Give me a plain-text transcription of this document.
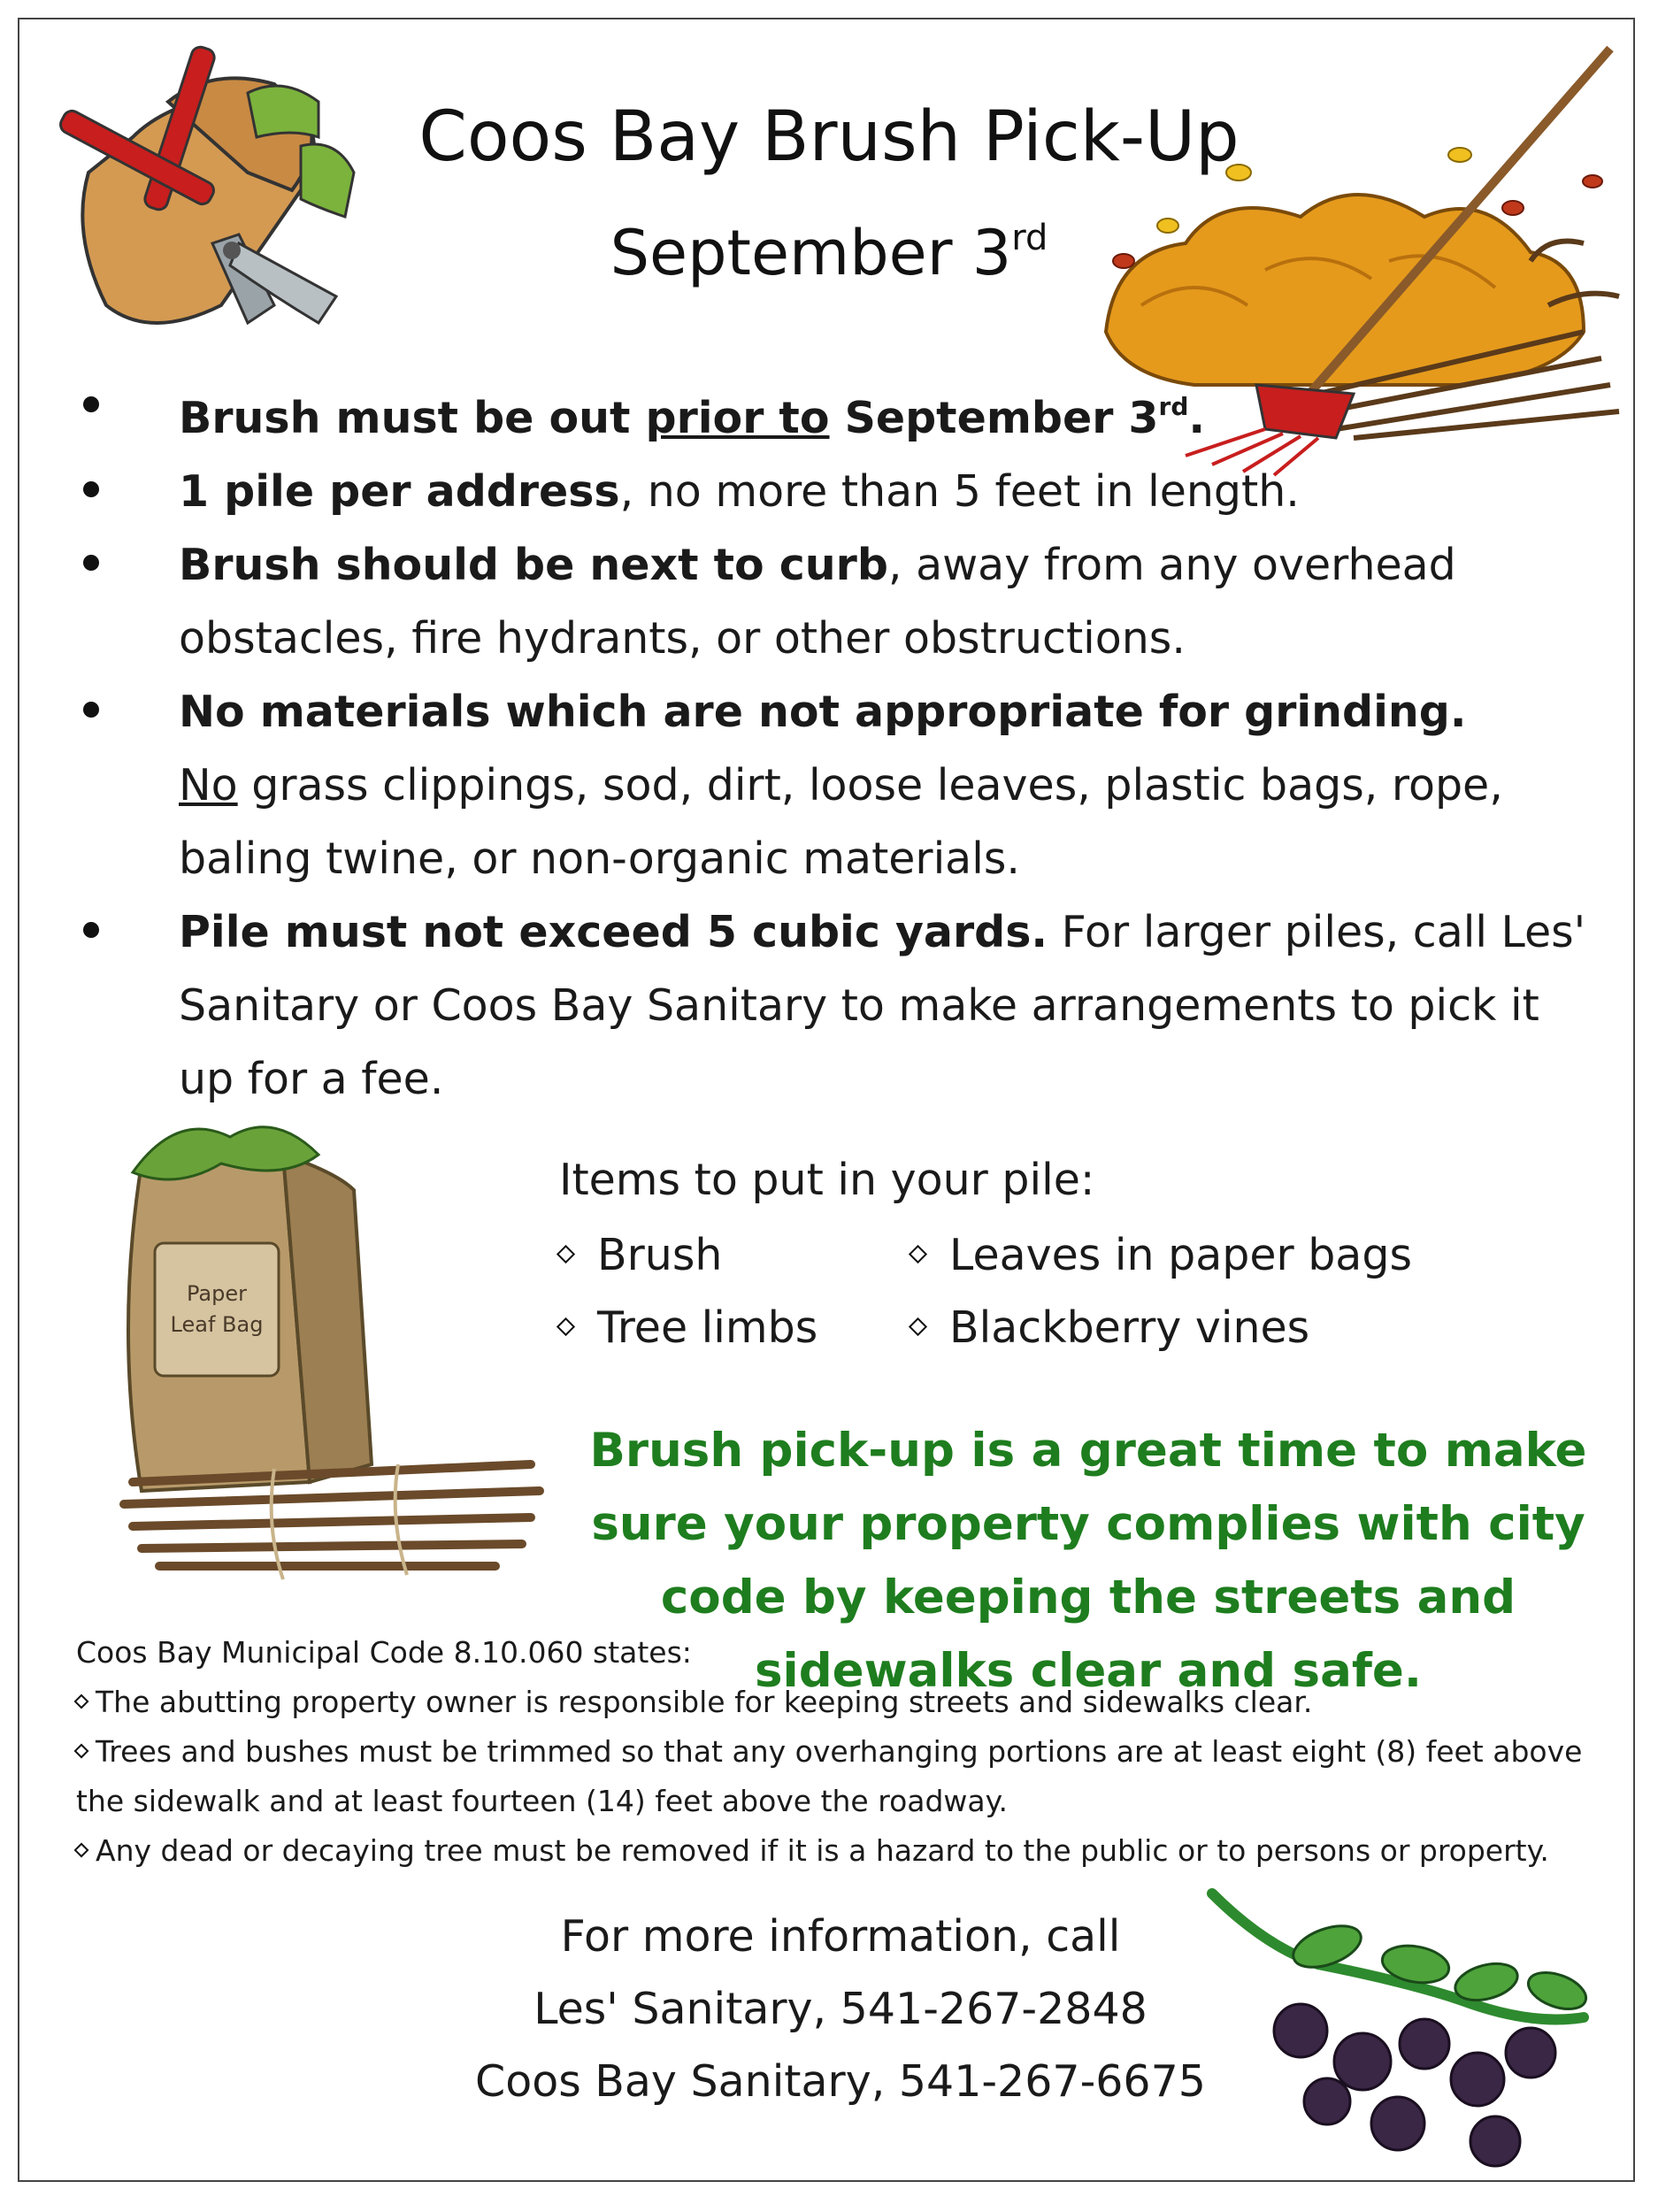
Coos Bay Brush Pick-Up
September 3rd
Brush must be out prior to September 3rd.
1 pile per address, no more than 5 feet in length.
Brush should be next to curb, away from any overhead obstacles, fire hydrants, or other obstructions.
No materials which are not appropriate for grinding.
No grass clippings, sod, dirt, loose leaves, plastic bags, rope, baling twine, or non-organic materials.
Pile must not exceed 5 cubic yards. For larger piles, call Les' Sanitary or Coos Bay Sanitary to make arrangements to pick it up for a fee.
Paper
Leaf Bag
Items to put in your pile:
Brush	Leaves in paper bags
Tree limbs	Blackberry vines
Brush pick-up is a great time to make sure your property complies with city code by keeping the streets and sidewalks clear and safe.
Coos Bay Municipal Code 8.10.060 states:
The abutting property owner is responsible for keeping streets and sidewalks clear.
Trees and bushes must be trimmed so that any overhanging portions are at least eight (8) feet above the sidewalk and at least fourteen (14) feet above the roadway.
Any dead or decaying tree must be removed if it is a hazard to the public or to persons or property.
For more information, call
Les' Sanitary, 541-267-2848
Coos Bay Sanitary, 541-267-6675
